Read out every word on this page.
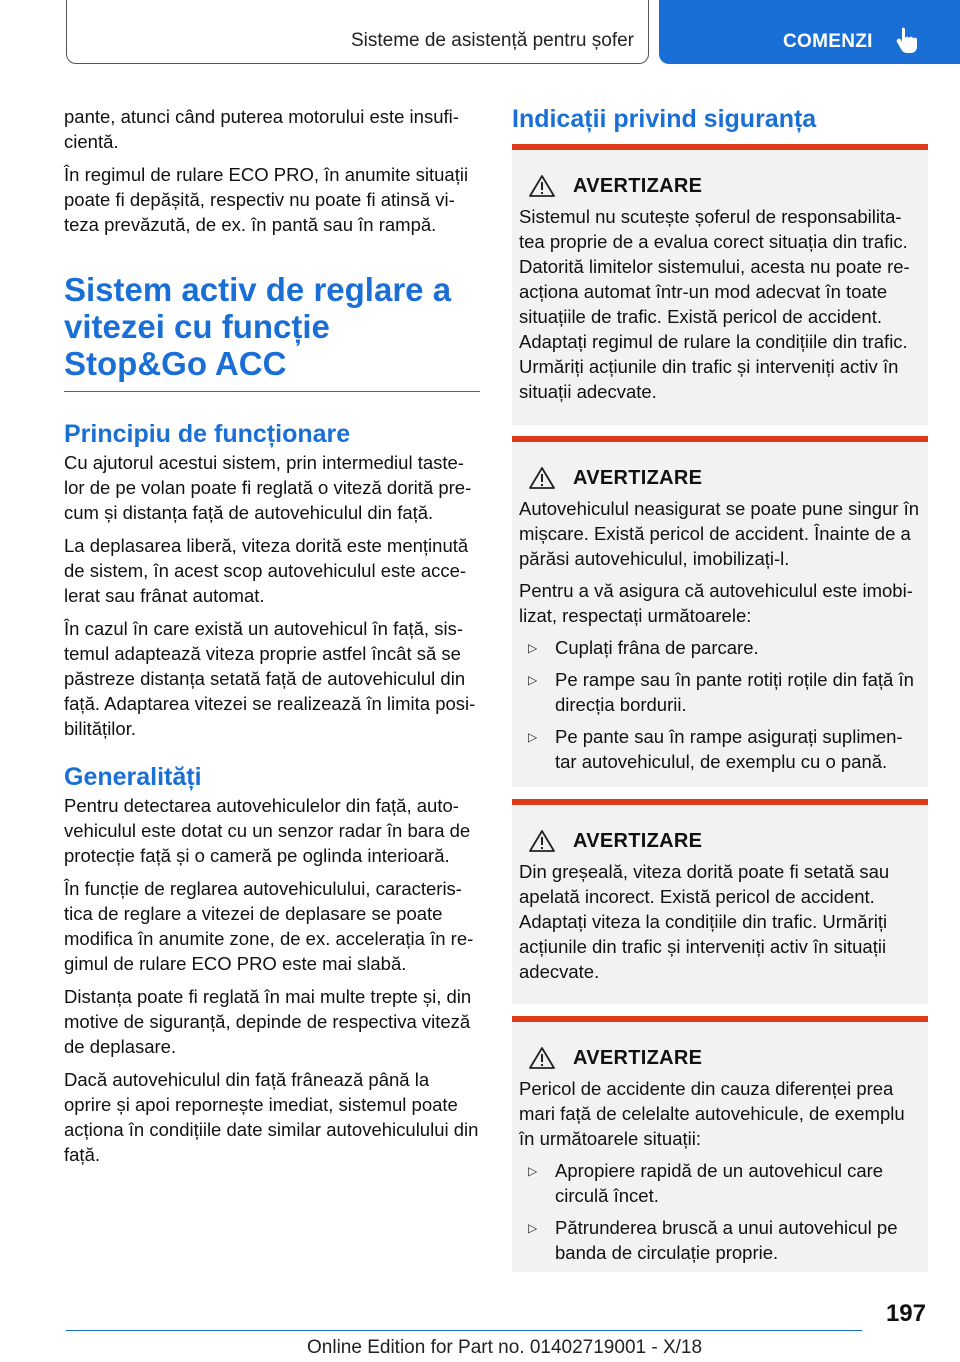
Sisteme de asistență pentru șofer	COMENZI

pante, atunci când puterea motorului este insufi-cientă.

În regimul de rulare ECO PRO, în anumite situații poate fi depășită, respectiv nu poate fi atinsă vi-teza prevăzută, de ex. în pantă sau în rampă.

Sistem activ de reglare a vitezei cu funcție Stop&Go ACC
Principiu de funcționare

Cu ajutorul acestui sistem, prin intermediul taste-lor de pe volan poate fi reglată o viteză dorită pre-cum și distanța față de autovehiculul din față.

La deplasarea liberă, viteza dorită este menținută de sistem, în acest scop autovehiculul este acce-lerat sau frânat automat.

În cazul în care există un autovehicul în față, sis-temul adaptează viteza proprie astfel încât să se păstreze distanța setată față de autovehiculul din față. Adaptarea vitezei se realizează în limita posi-bilităților.

Generalități

Pentru detectarea autovehiculelor din față, auto-vehiculul este dotat cu un senzor radar în bara de protecție față și o cameră pe oglinda interioară.

În funcție de reglarea autovehiculului, caracteris-tica de reglare a vitezei de deplasare se poate modifica în anumite zone, de ex. accelerația în re-gimul de rulare ECO PRO este mai slabă.

Distanța poate fi reglată în mai multe trepte și, din motive de siguranță, depinde de respectiva viteză de deplasare.

Dacă autovehiculul din față frânează până la oprire și apoi repornește imediat, sistemul poate acționa în condițiile date similar autovehiculului din față.

Indicații privind siguranța
AVERTIZARE

Sistemul nu scutește șoferul de responsabilita-tea proprie de a evalua corect situația din trafic. Datorită limitelor sistemului, acesta nu poate re-acționa automat într-un mod adecvat în toate situațiile de trafic. Există pericol de accident. Adaptați regimul de rulare la condițiile din trafic. Urmăriți acțiunile din trafic și interveniți activ în situații adecvate.

AVERTIZARE

Autovehiculul neasigurat se poate pune singur în mișcare. Există pericol de accident. Înainte de a părăsi autovehiculul, imobilizați-l.

Pentru a vă asigura că autovehiculul este imobi-lizat, respectați următoarele:

▷ Cuplați frâna de parcare.
▷ Pe rampe sau în pante rotiți roțile din față în direcția bordurii.
▷ Pe pante sau în rampe asigurați suplimen-tar autovehiculul, de exemplu cu o pană.
AVERTIZARE

Din greșeală, viteza dorită poate fi setată sau apelată incorect. Există pericol de accident. Adaptați viteza la condițiile din trafic. Urmăriți acțiunile din trafic și interveniți activ în situații adecvate.

AVERTIZARE

Pericol de accidente din cauza diferenței prea mari față de celelalte autovehicule, de exemplu în următoarele situații:

▷ Apropiere rapidă de un autovehicul care circulă încet.
▷ Pătrunderea bruscă a unui autovehicul pe banda de circulație proprie.
197
Online Edition for Part no. 01402719001 - X/18
